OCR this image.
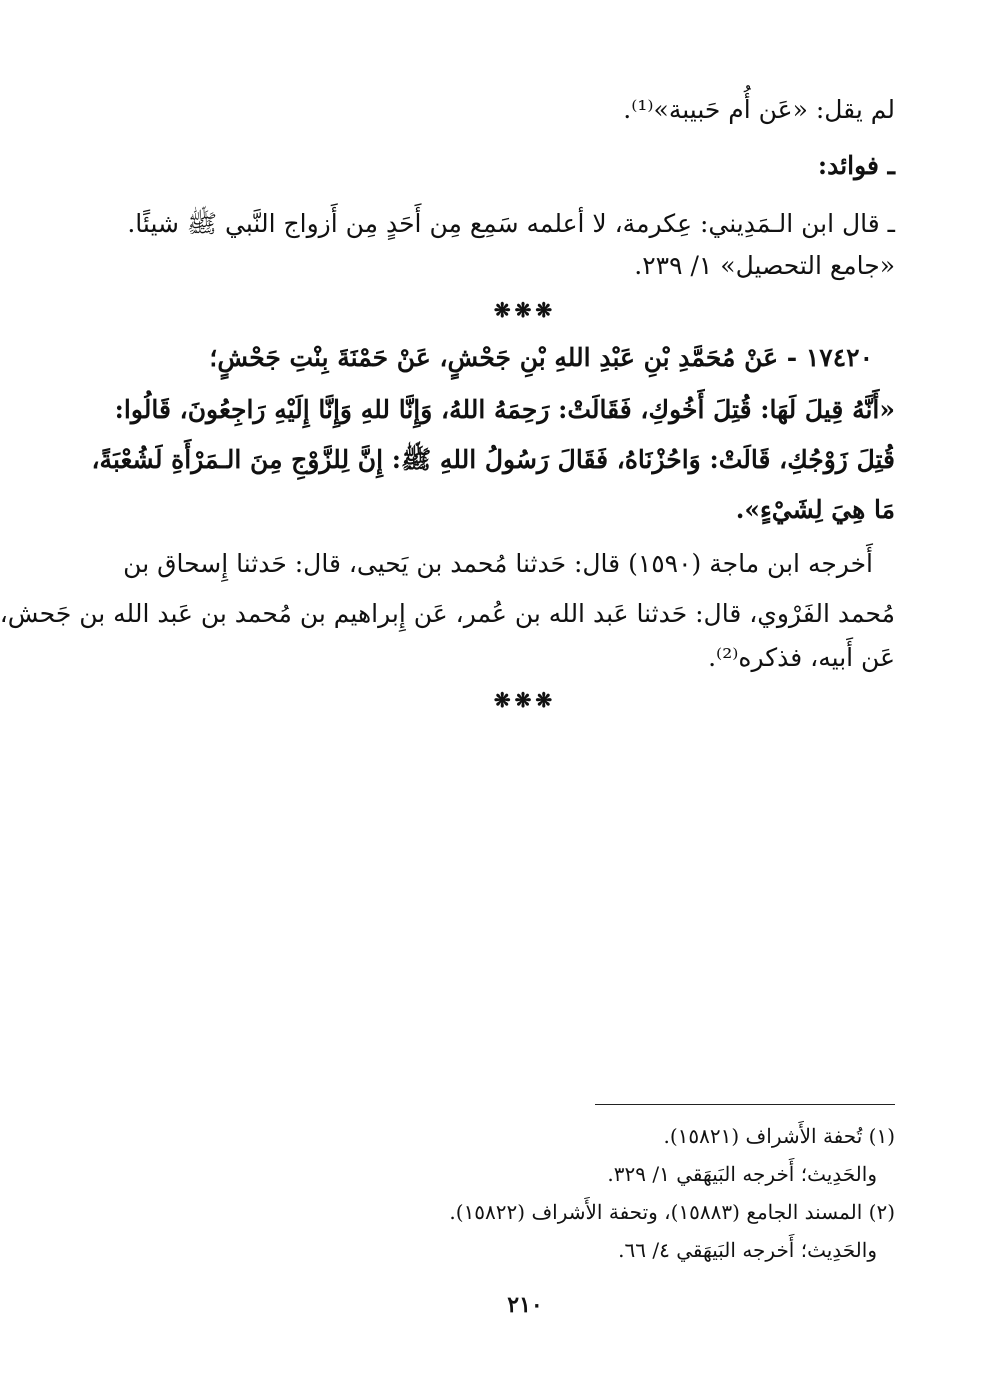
لم يقل: «عَن أُم حَبيبة»⁽¹⁾.
ـ فوائد:
ـ قال ابن الـمَدِيني: عِكرمة، لا أعلمه سَمِع مِن أَحَدٍ مِن أَزواج النَّبي ﷺ شيئًا.
«جامع التحصيل» ١/ ٢٣٩.
❋❋❋
١٧٤٢٠ - عَنْ مُحَمَّدِ بْنِ عَبْدِ اللهِ بْنِ جَحْشٍ، عَنْ حَمْنَةَ بِنْتِ جَحْشٍ؛
«أَنَّهُ قِيلَ لَهَا: قُتِلَ أَخُوكِ، فَقَالَتْ: رَحِمَهُ اللهُ، وَإِنَّا للهِ وَإِنَّا إِلَيْهِ رَاجِعُونَ، قَالُوا:
قُتِلَ زَوْجُكِ، قَالَتْ: وَاحُزْنَاهُ، فَقَالَ رَسُولُ اللهِ ﷺ: إِنَّ لِلزَّوْجِ مِنَ الـمَرْأَةِ لَشُعْبَةً،
مَا هِيَ لِشَيْءٍ».
أَخرجه ابن ماجة (١٥٩٠) قال: حَدثنا مُحمد بن يَحيى، قال: حَدثنا إِسحاق بن
مُحمد الفَرْوي، قال: حَدثنا عَبد الله بن عُمر، عَن إِبراهيم بن مُحمد بن عَبد الله بن جَحش،
عَن أَبيه، فذكره⁽²⁾.
❋❋❋
(١) تُحفة الأَشراف (١٥٨٢١).
والحَدِيث؛ أَخرجه البَيهَقي ١/ ٣٢٩.
(٢) المسند الجامع (١٥٨٨٣)، وتحفة الأَشراف (١٥٨٢٢).
والحَدِيث؛ أَخرجه البَيهَقي ٤/ ٦٦.
٢١٠
